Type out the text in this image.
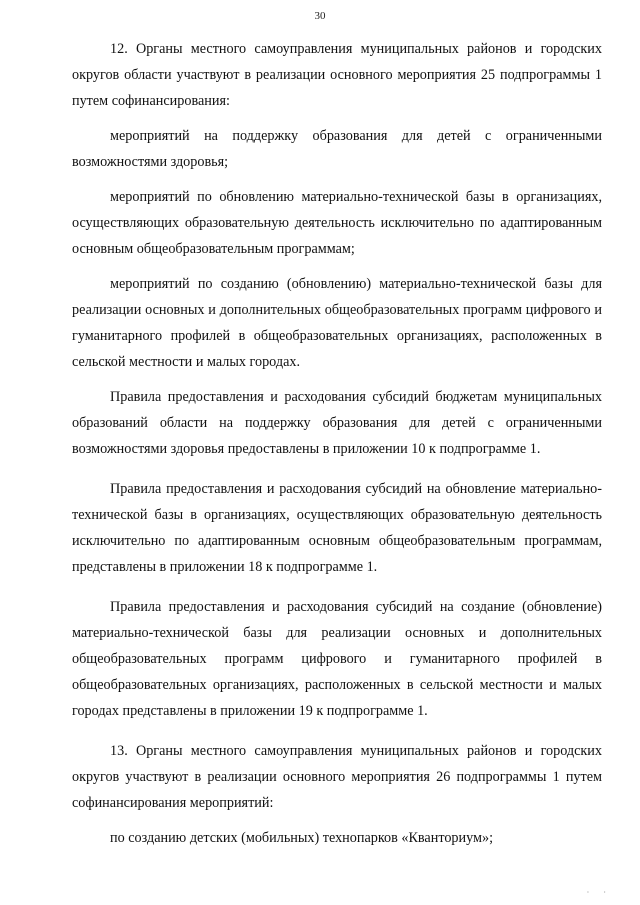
30

12. Органы местного самоуправления муниципальных районов и городских округов области участвуют в реализации основного мероприятия 25 подпрограммы 1 путем софинансирования:

мероприятий на поддержку образования для детей с ограниченными возможностями здоровья;

мероприятий по обновлению материально-технической базы в организациях, осуществляющих образовательную деятельность исключительно по адаптированным основным общеобразовательным программам;

мероприятий по созданию (обновлению) материально-технической базы для реализации основных и дополнительных общеобразовательных программ цифрового и гуманитарного профилей в общеобразовательных организациях, расположенных в сельской местности и малых городах.

Правила предоставления и расходования субсидий бюджетам муниципальных образований области на поддержку образования для детей с ограниченными возможностями здоровья предоставлены в приложении 10 к подпрограмме 1.

Правила предоставления и расходования субсидий на обновление материально-технической базы в организациях, осуществляющих образовательную деятельность исключительно по адаптированным основным общеобразовательным программам, представлены в приложении 18 к подпрограмме 1.

Правила предоставления и расходования субсидий на создание (обновление) материально-технической базы для реализации основных и дополнительных общеобразовательных программ цифрового и гуманитарного профилей в общеобразовательных организациях, расположенных в сельской местности и малых городах представлены в приложении 19 к подпрограмме 1.

13. Органы местного самоуправления муниципальных районов и городских округов участвуют в реализации основного мероприятия 26 подпрограммы 1 путем софинансирования мероприятий:

по созданию детских (мобильных) технопарков «Кванториум»;

· ·
